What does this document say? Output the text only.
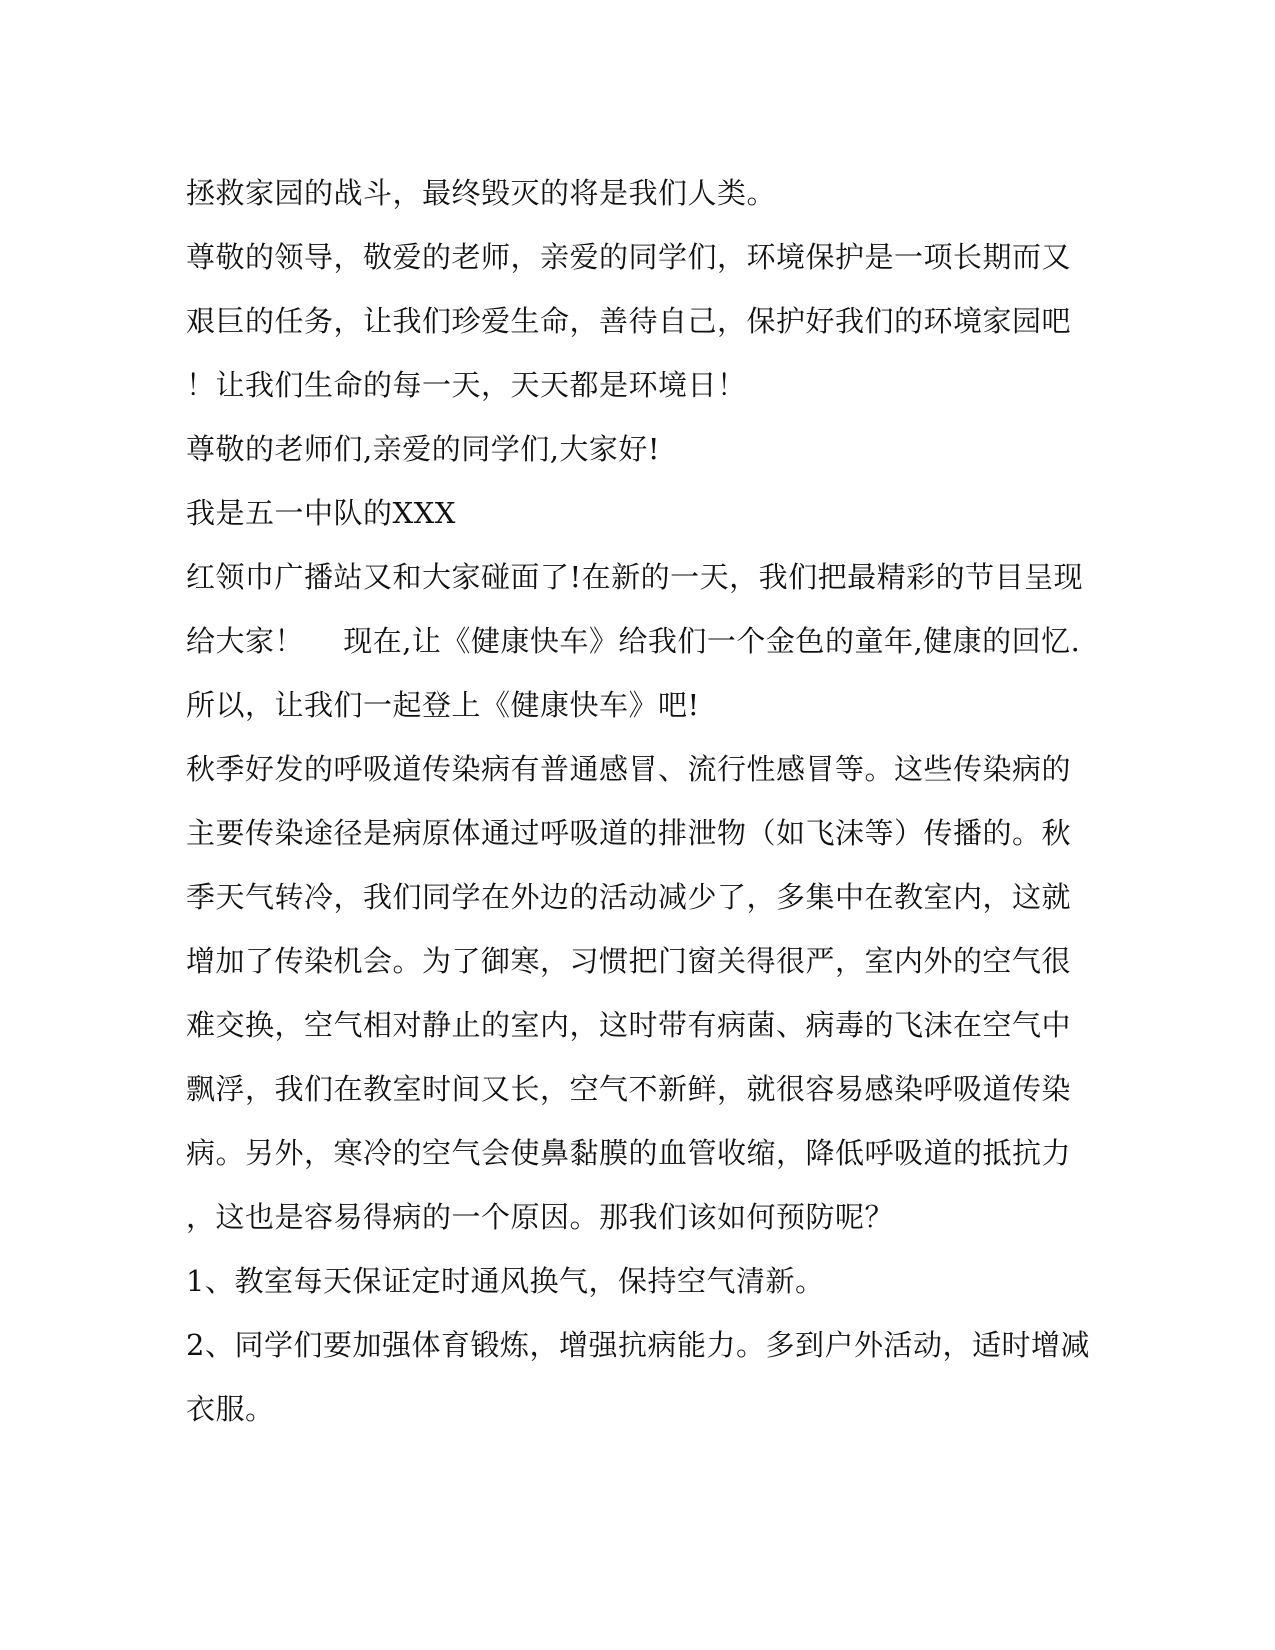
拯救家园的战斗，最终毁灭的将是我们人类。
尊敬的领导，敬爱的老师，亲爱的同学们，环境保护是一项长期而又
艰巨的任务，让我们珍爱生命，善待自己，保护好我们的环境家园吧
！让我们生命的每一天，天天都是环境日！
尊敬的老师们,亲爱的同学们,大家好!
我是五一中队的XXX
红领巾广播站又和大家碰面了!在新的一天，我们把最精彩的节目呈现
给大家！　 现在,让《健康快车》给我们一个金色的童年,健康的回忆.
所以，让我们一起登上《健康快车》吧!
秋季好发的呼吸道传染病有普通感冒、流行性感冒等。这些传染病的
主要传染途径是病原体通过呼吸道的排泄物（如飞沫等）传播的。秋
季天气转冷，我们同学在外边的活动减少了，多集中在教室内，这就
增加了传染机会。为了御寒，习惯把门窗关得很严，室内外的空气很
难交换，空气相对静止的室内，这时带有病菌、病毒的飞沫在空气中
飘浮，我们在教室时间又长，空气不新鲜，就很容易感染呼吸道传染
病。另外，寒冷的空气会使鼻黏膜的血管收缩，降低呼吸道的抵抗力
，这也是容易得病的一个原因。那我们该如何预防呢？
1、教室每天保证定时通风换气，保持空气清新。
2、同学们要加强体育锻炼，增强抗病能力。多到户外活动，适时增减
衣服。
